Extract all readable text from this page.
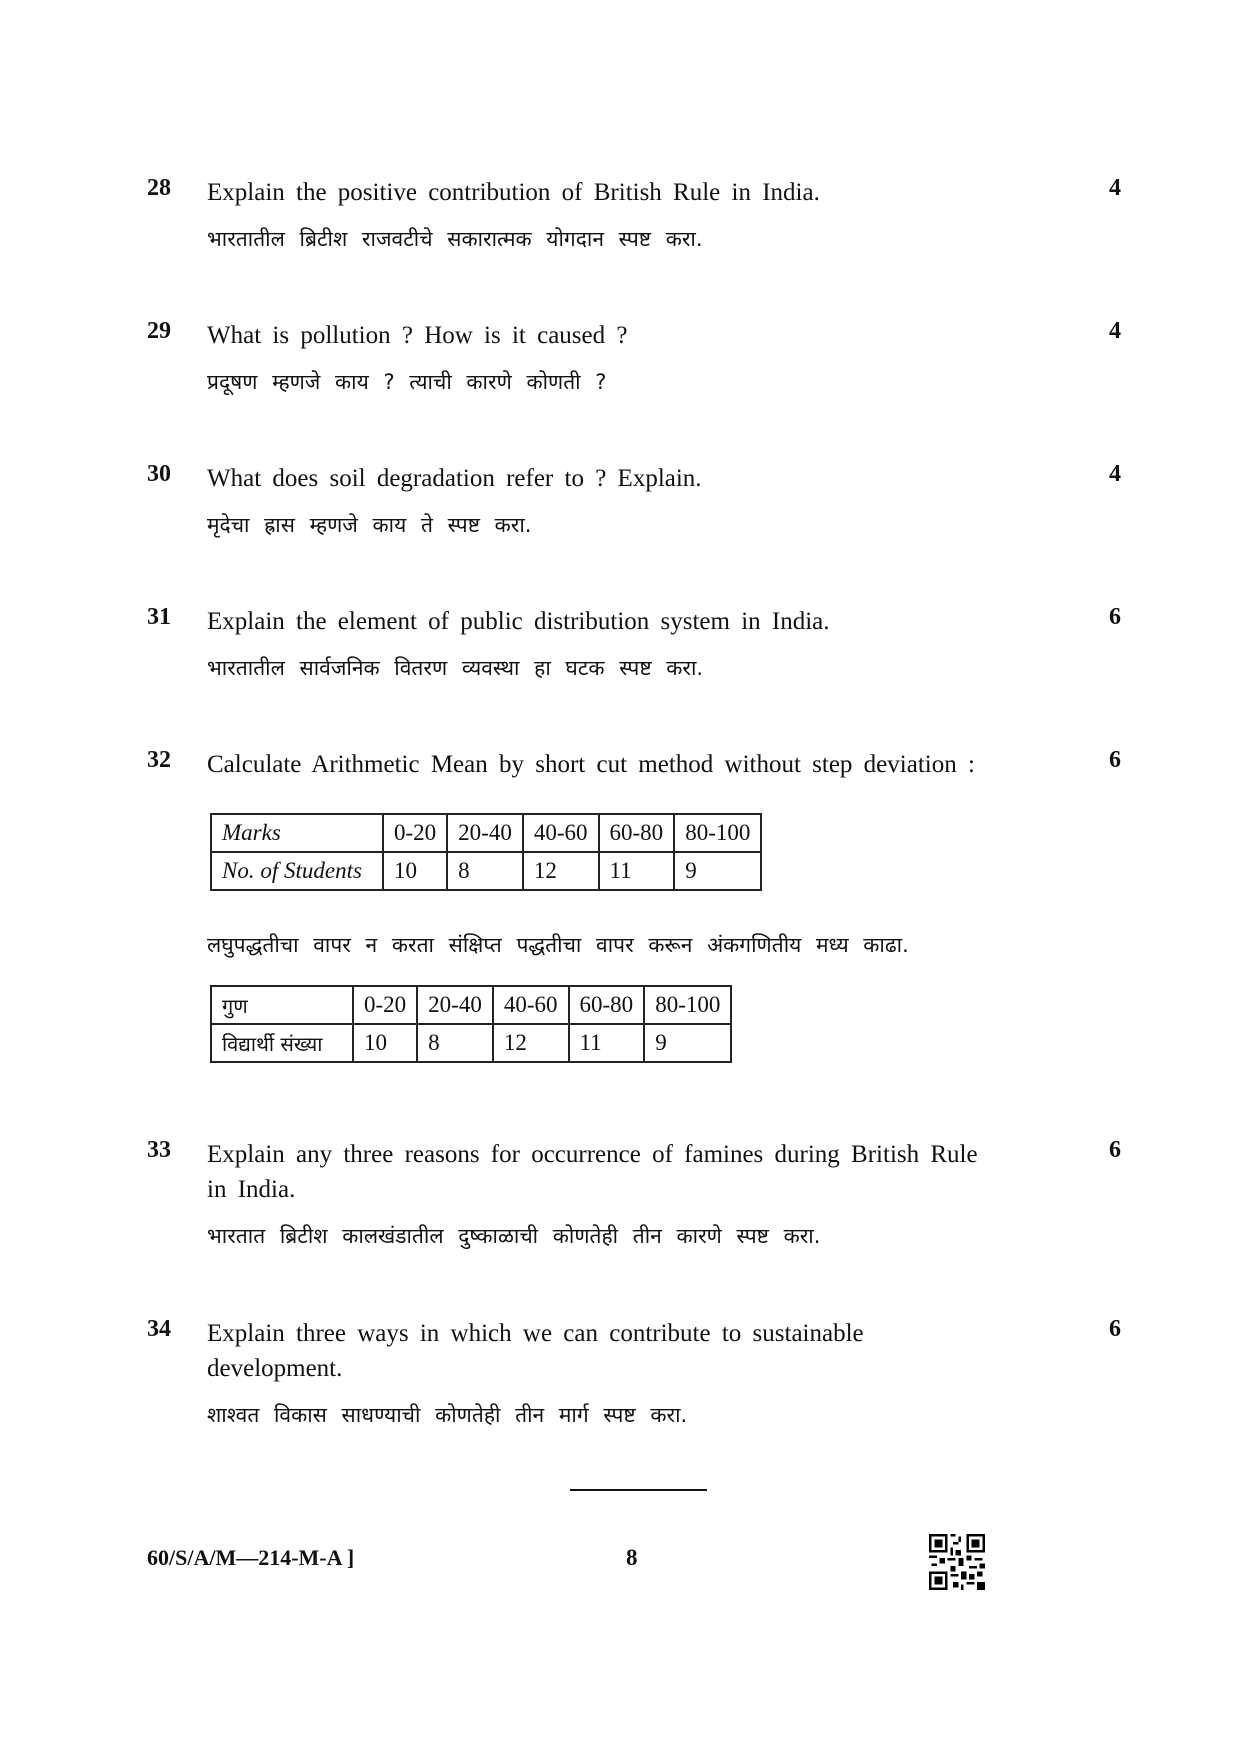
28 Explain the positive contribution of British Rule in India.	4
भारतातील ब्रिटीश राजवटीचे सकारात्मक योगदान स्पष्ट करा.
29 What is pollution ? How is it caused ?	4
प्रदूषण म्हणजे काय ? त्याची कारणे कोणती ?
30 What does soil degradation refer to ? Explain.	4
मृदेचा ह्रास म्हणजे काय ते स्पष्ट करा.
31 Explain the element of public distribution system in India.	6
भारतातील सार्वजनिक वितरण व्यवस्था हा घटक स्पष्ट करा.
32 Calculate Arithmetic Mean by short cut method without step deviation :	6
Marks	0-20	20-40	40-60	60-80	80-100
No. of Students	10	8	12	11	9
लघुपद्धतीचा वापर न करता संक्षिप्त पद्धतीचा वापर करून अंकगणितीय मध्य काढा.
गुण	0-20	20-40	40-60	60-80	80-100
विद्यार्थी संख्या	10	8	12	11	9
33 Explain any three reasons for occurrence of famines during British Rule in India.
6
भारतात ब्रिटीश कालखंडातील दुष्काळाची कोणतेही तीन कारणे स्पष्ट करा.
34 Explain three ways in which we can contribute to sustainable development.
6
शाश्वत विकास साधण्याची कोणतेही तीन मार्ग स्पष्ट करा.
60/S/A/M—214-M-A ]	8
